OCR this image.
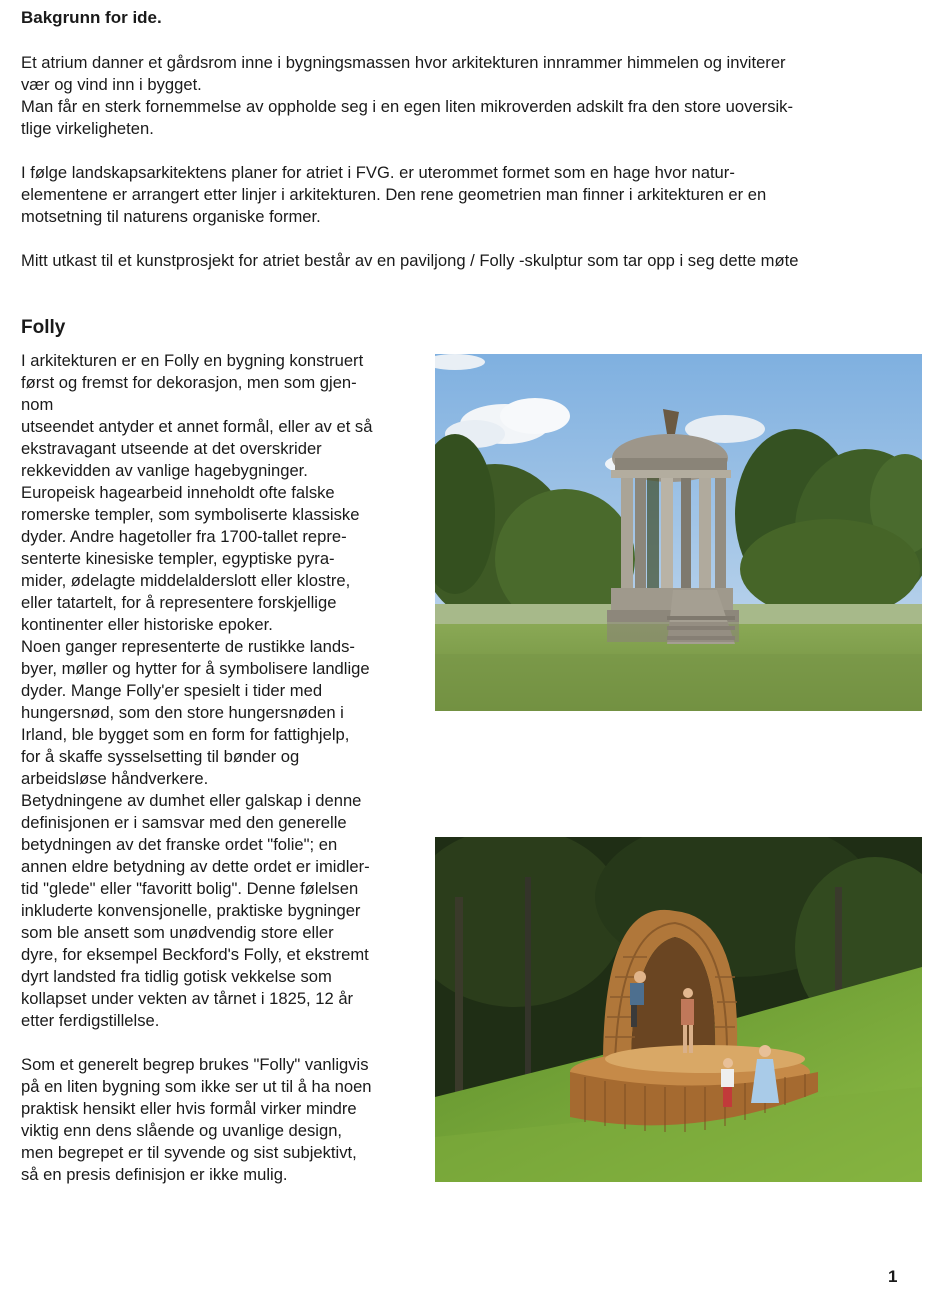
Bakgrunn for ide.

Et atrium danner et gårdsrom inne i bygningsmassen hvor arkitekturen innrammer himmelen og inviterer
vær og vind inn i bygget.
Man får en sterk fornemmelse av oppholde seg i en egen liten mikroverden adskilt fra den store uoversik-
tlige virkeligheten.

I følge landskapsarkitektens planer for atriet i FVG. er uterommet formet som en hage hvor natur-
elementene er arrangert etter linjer i arkitekturen. Den rene geometrien man finner i arkitekturen er en
motsetning til naturens organiske former.

Mitt utkast til et kunstprosjekt for atriet består av en paviljong / Folly -skulptur som tar opp i seg dette møte

Folly

I arkitekturen er en Folly en bygning konstruert
først og fremst for dekorasjon, men som gjen-
nom
utseendet antyder et annet formål, eller av et så
ekstravagant utseende at det overskrider
rekkevidden av vanlige hagebygninger.
Europeisk hagearbeid inneholdt ofte falske
romerske templer, som symboliserte klassiske
dyder. Andre hagetoller fra 1700-tallet repre-
senterte kinesiske templer, egyptiske pyra-
mider, ødelagte middelalderslott eller klostre,
eller tatartelt, for å representere forskjellige
kontinenter eller historiske epoker.
Noen ganger representerte de rustikke lands-
byer, møller og hytter for å symbolisere landlige
dyder. Mange Folly'er spesielt i tider med
hungersnød, som den store hungersnøden i
Irland, ble bygget som en form for fattighjelp,
for å skaffe sysselsetting til bønder og
arbeidsløse håndverkere.
Betydningene av dumhet eller galskap i denne
definisjonen er i samsvar med den generelle
betydningen av det franske ordet "folie"; en
annen eldre betydning av dette ordet er imidler-
tid "glede" eller "favoritt bolig". Denne følelsen
inkluderte konvensjonelle, praktiske bygninger
som ble ansett som unødvendig store eller
dyre, for eksempel Beckford's Folly, et ekstremt
dyrt landsted fra tidlig gotisk vekkelse som
kollapset under vekten av tårnet i 1825, 12 år
etter ferdigstillelse.

Som et generelt begrep brukes "Folly" vanligvis
på en liten bygning som ikke ser ut til å ha noen
praktisk hensikt eller hvis formål virker mindre
viktig enn dens slående og uvanlige design,
men begrepet er til syvende og sist subjektivt,
så en presis definisjon er ikke mulig.

1
